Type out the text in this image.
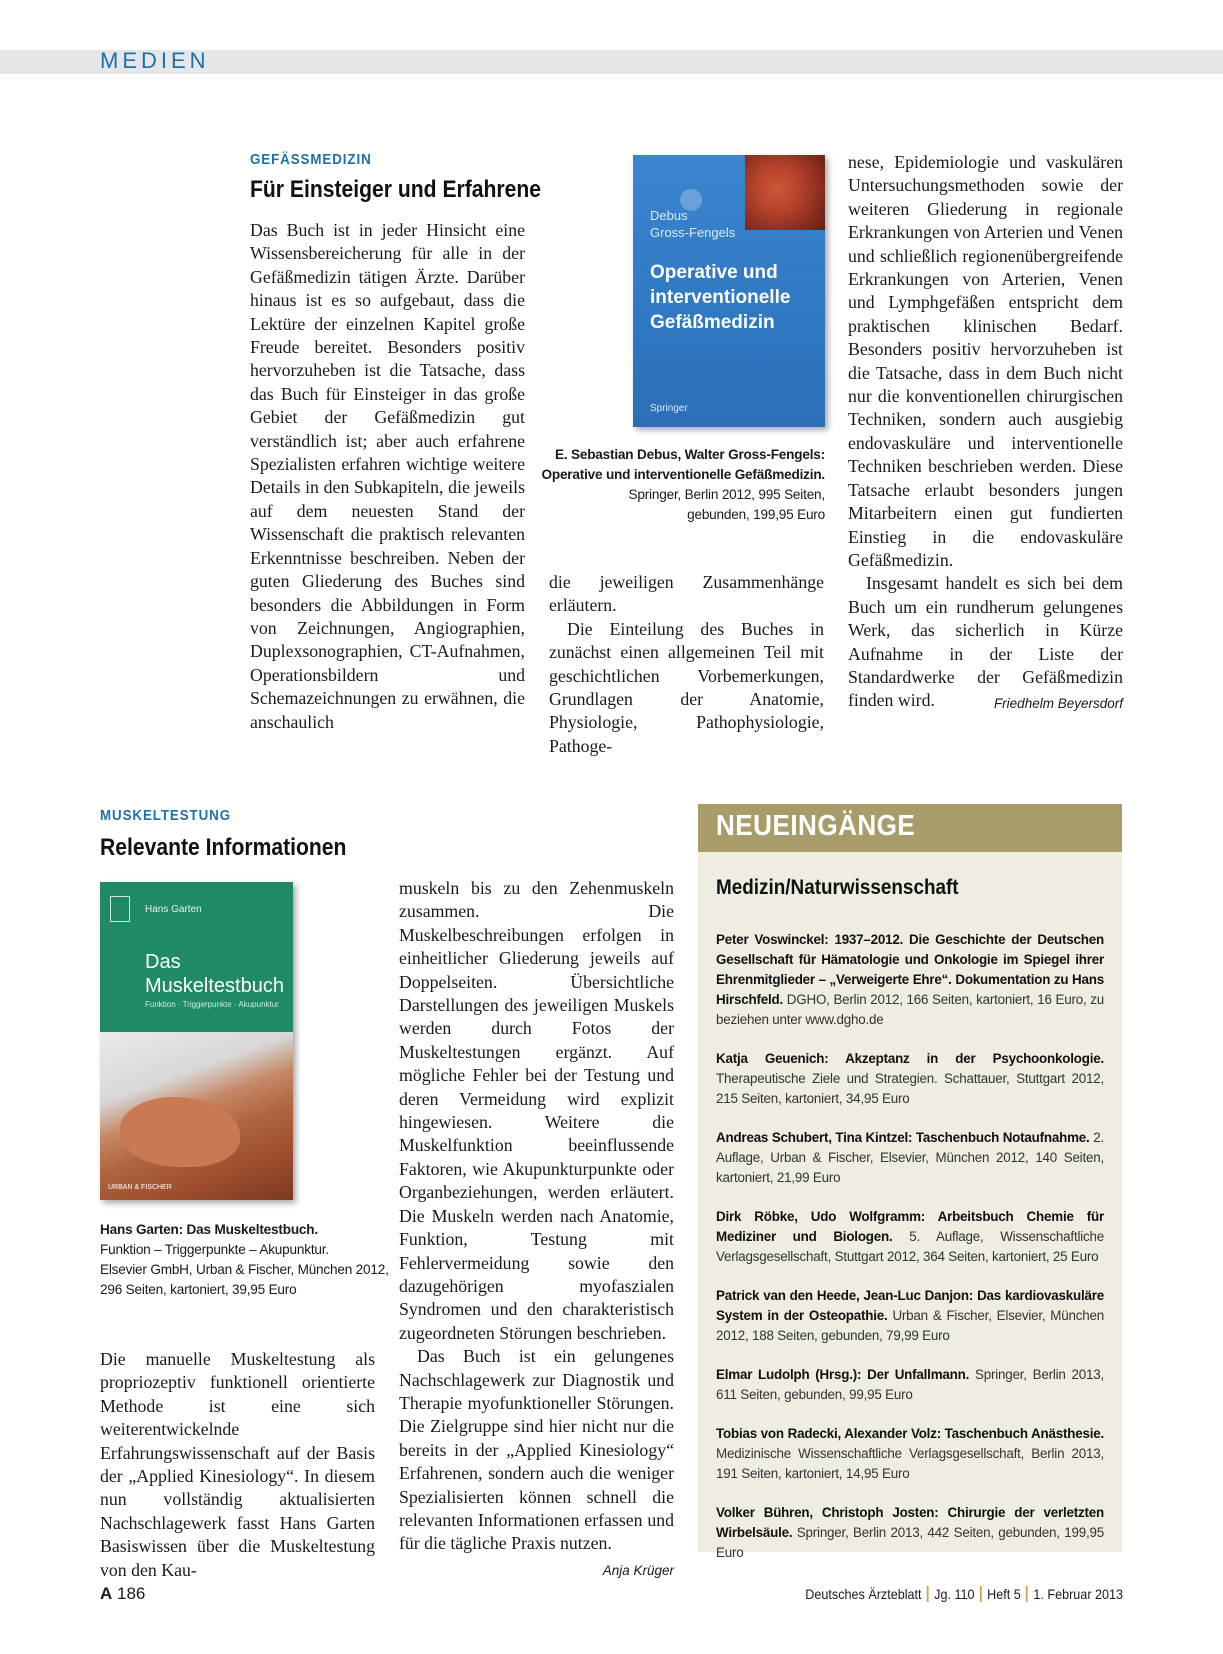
MEDIEN
GEFÄSSMEDIZIN
Für Einsteiger und Erfahrene

Das Buch ist in jeder Hinsicht eine Wissensbereicherung für alle in der Gefäßmedizin tätigen Ärzte. Darüber hinaus ist es so aufgebaut, dass die Lektüre der einzelnen Kapitel große Freude bereitet. Besonders positiv hervorzuheben ist die Tatsache, dass das Buch für Einsteiger in das große Gebiet der Gefäßmedizin gut verständlich ist; aber auch erfahrene Spezialisten erfahren wichtige weitere Details in den Subkapiteln, die jeweils auf dem neuesten Stand der Wissenschaft die praktisch relevanten Erkenntnisse beschreiben. Neben der guten Gliederung des Buches sind besonders die Abbildungen in Form von Zeichnungen, Angiographien, Duplexsonographien, CT-Aufnahmen, Operationsbildern und Schemazeichnungen zu erwähnen, die anschaulich

Debus
Gross-Fengels
Operative und
interventionelle
Gefäßmedizin
Springer
E. Sebastian Debus, Walter Gross-Fengels:
Operative und interventionelle Gefäßmedizin.
Springer, Berlin 2012, 995 Seiten,
gebunden, 199,95 Euro

die jeweiligen Zusammenhänge erläutern.

Die Einteilung des Buches in zunächst einen allgemeinen Teil mit geschichtlichen Vorbemerkungen, Grundlagen der Anatomie, Physiologie, Pathophysiologie, Pathoge-

nese, Epidemiologie und vaskulären Untersuchungsmethoden sowie der weiteren Gliederung in regionale Erkrankungen von Arterien und Venen und schließlich regionenübergreifende Erkrankungen von Arterien, Venen und Lymphgefäßen entspricht dem praktischen klinischen Bedarf. Besonders positiv hervorzuheben ist die Tatsache, dass in dem Buch nicht nur die konventionellen chirurgischen Techniken, sondern auch ausgiebig endovaskuläre und interventionelle Techniken beschrieben werden. Diese Tatsache erlaubt besonders jungen Mitarbeitern einen gut fundierten Einstieg in die endovaskuläre Gefäßmedizin.

Insgesamt handelt es sich bei dem Buch um ein rundherum gelungenes Werk, das sicherlich in Kürze Aufnahme in der Liste der Standardwerke der Gefäßmedizin finden wird.	Friedhelm Beyersdorf

MUSKELTESTUNG
Relevante Informationen
Hans Garten
Das
Muskeltestbuch
Funktion · Triggerpunkte · Akupunktur
URBAN & FISCHER
Hans Garten: Das Muskeltestbuch.
Funktion – Triggerpunkte – Akupunktur.
Elsevier GmbH, Urban & Fischer, München 2012,
296 Seiten, kartoniert, 39,95 Euro

Die manuelle Muskeltestung als propriozeptiv funktionell orientierte Methode ist eine sich weiterentwickelnde Erfahrungswissenschaft auf der Basis der „Applied Kinesiology“. In diesem nun vollständig aktualisierten Nachschlagewerk fasst Hans Garten Basiswissen über die Muskeltestung von den Kau-

muskeln bis zu den Zehenmuskeln zusammen. Die Muskelbeschreibungen erfolgen in einheitlicher Gliederung jeweils auf Doppelseiten. Übersichtliche Darstellungen des jeweiligen Muskels werden durch Fotos der Muskeltestungen ergänzt. Auf mögliche Fehler bei der Testung und deren Vermeidung wird explizit hingewiesen. Weitere die Muskelfunktion beeinflussende Faktoren, wie Akupunkturpunkte oder Organbeziehungen, werden erläutert. Die Muskeln werden nach Anatomie, Funktion, Testung mit Fehlervermeidung sowie den dazugehörigen myofaszialen Syndromen und den charakteristisch zugeordneten Störungen beschrieben.

Das Buch ist ein gelungenes Nachschlagewerk zur Diagnostik und Therapie myofunktioneller Störungen. Die Zielgruppe sind hier nicht nur die bereits in der „Applied Kinesiology“ Erfahrenen, sondern auch die weniger Spezialisierten können schnell die relevanten Informationen erfassen und für die tägliche Praxis nutzen.
Anja Krüger

NEUEINGÄNGE
Medizin/Naturwissenschaft
Peter Voswinckel: 1937–2012. Die Geschichte der Deutschen Gesellschaft für Hämatologie und Onkologie im Spiegel ihrer Ehrenmitglieder – „Verweigerte Ehre“. Dokumentation zu Hans Hirschfeld. DGHO, Berlin 2012, 166 Seiten, kartoniert, 16 Euro, zu beziehen unter www.dgho.de
Katja Geuenich: Akzeptanz in der Psychoonkologie. Therapeutische Ziele und Strategien. Schattauer, Stuttgart 2012, 215 Seiten, kartoniert, 34,95 Euro
Andreas Schubert, Tina Kintzel: Taschenbuch Notaufnahme. 2. Auflage, Urban & Fischer, Elsevier, München 2012, 140 Seiten, kartoniert, 21,99 Euro
Dirk Röbke, Udo Wolfgramm: Arbeitsbuch Chemie für Mediziner und Biologen. 5. Auflage, Wissenschaftliche Verlagsgesellschaft, Stuttgart 2012, 364 Seiten, kartoniert, 25 Euro
Patrick van den Heede, Jean-Luc Danjon: Das kardiovaskuläre System in der Osteopathie. Urban & Fischer, Elsevier, München 2012, 188 Seiten, gebunden, 79,99 Euro
Elmar Ludolph (Hrsg.): Der Unfallmann. Springer, Berlin 2013, 611 Seiten, gebunden, 99,95 Euro
Tobias von Radecki, Alexander Volz: Taschenbuch Anästhesie. Medizinische Wissenschaftliche Verlagsgesellschaft, Berlin 2013, 191 Seiten, kartoniert, 14,95 Euro
Volker Bühren, Christoph Josten: Chirurgie der verletzten Wirbelsäule. Springer, Berlin 2013, 442 Seiten, gebunden, 199,95 Euro
A 186	Deutsches Ärzteblatt Jg. 110 Heft 5 1. Februar 2013
